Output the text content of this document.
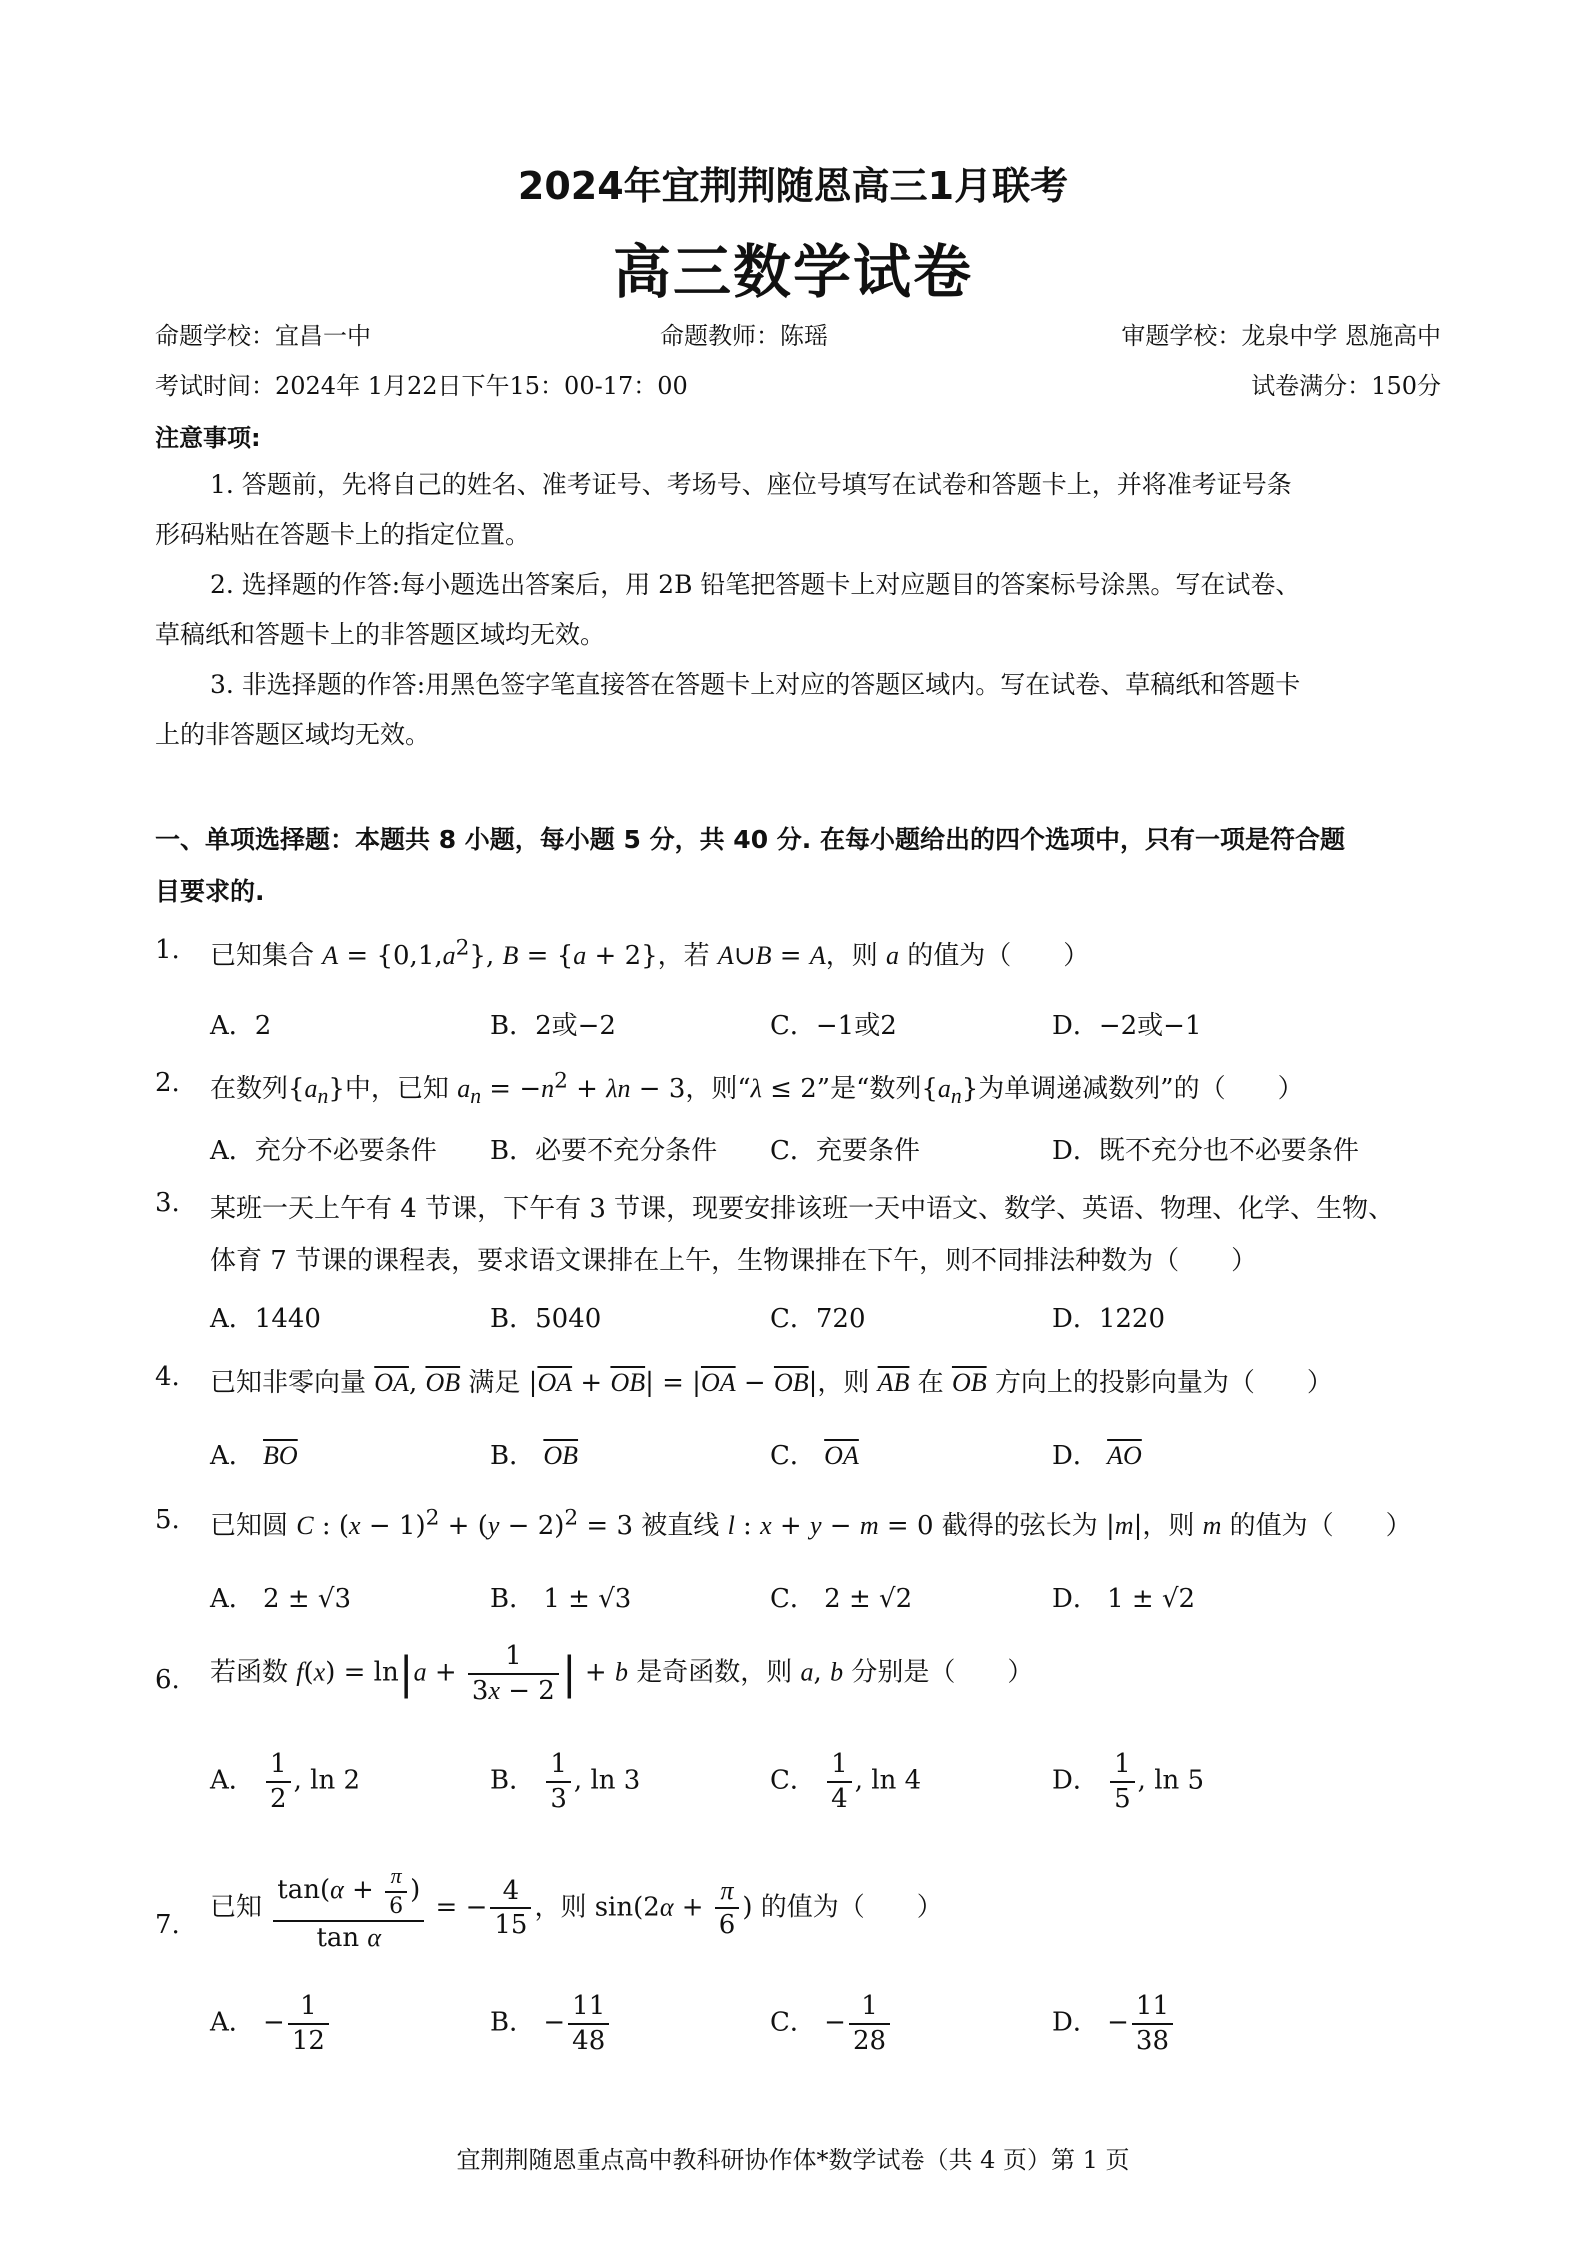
2024年宜荆荆随恩高三1月联考
高三数学试卷
命题学校：宜昌一中	命题教师：陈瑶	审题学校：龙泉中学 恩施高中
考试时间：2024年 1月22日下午15：00-17：00	试卷满分：150分
注意事项:
1. 答题前，先将自己的姓名、准考证号、考场号、座位号填写在试卷和答题卡上，并将准考证号条
形码粘贴在答题卡上的指定位置。
2. 选择题的作答:每小题选出答案后，用 2B 铅笔把答题卡上对应题目的答案标号涂黑。写在试卷、
草稿纸和答题卡上的非答题区域均无效。
3. 非选择题的作答:用黑色签字笔直接答在答题卡上对应的答题区域内。写在试卷、草稿纸和答题卡
上的非答题区域均无效。
一、单项选择题：本题共 8 小题，每小题 5 分，共 40 分. 在每小题给出的四个选项中，只有一项是符合题
目要求的.
1. 已知集合 $A = \{0,1,a^2\}$, B = {a + 2}，若 A∪B = A，则 a 的值为（　　）
A．2	B．2或−2	C．−1或2	D．−2或−1
2. 在数列$\{a_n\}$中，已知 $a_n = -n^2 + \lambda n - 3$，则“λ ≤ 2”是“数列$\{a_n\}$为单调递减数列”的（　　）
A．充分不必要条件 B．必要不充分条件 C．充要条件	D．既不充分也不必要条件
3. 某班一天上午有 4 节课，下午有 3 节课，现要安排该班一天中语文、数学、英语、物理、化学、生物、
体育 7 节课的课程表，要求语文课排在上午，生物课排在下午，则不同排法种数为（　　）
A．1440	B．5040	C．720	D．1220
4. 已知非零向量 $\overline{OA}$, $\overline{OB}$ 满足 $|\overline{OA} + \overline{OB}| = |\overline{OA} - \overline{OB}|$，则 $\overline{AB}$ 在 $\overline{OB}$ 方向上的投影向量为（　　）
A． $\overline{BO}$	B． $\overline{OB}$	C． $\overline{OA}$	D． $\overline{AO}$
5. 已知圆 C : $(x - 1)^2 + (y - 2)^2 = 3$ 被直线 l : x + y − m = 0 截得的弦长为 |m|，则 m 的值为（　　）
A． 2 ± √3	B． 1 ± √3	C． 2 ± √2	D． 1 ± √2
6. 若函数 $f(x) = \ln|a + \frac{1}{3x - 2}$ | + b 是奇函数，则 a, b 分别是（　　）
A． $\frac{1}{2}$ , ln 2	B． $\frac{1}{3}$ , ln 3	C． $\frac{1}{4}$ , ln 4	D． $\frac{1}{5}$ , ln 5
7.
已知 $\frac{\tan(\alpha + \frac{\pi}{6} )}{\text{tan α}}$ = − $\frac{4}{15}$ ，则 $\sin(2\alpha + \frac{\pi}{6}$ ) 的值为（　　）
A． − $\frac{1}{12}$	B． − $\frac{11}{48}$	C． − $\frac{1}{28}$	D． − $\frac{11}{38}$
宜荆荆随恩重点高中教科研协作体*数学试卷（共 4 页）第 1 页
